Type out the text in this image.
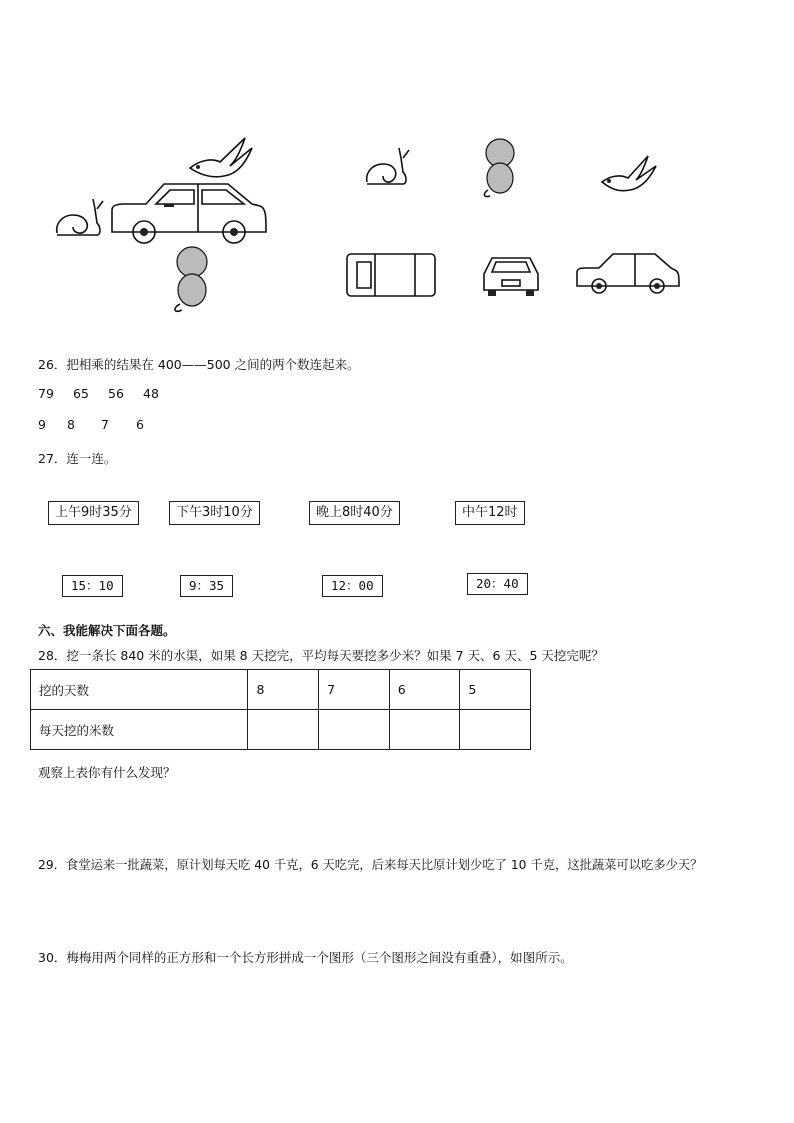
26．把相乘的结果在 400——500 之间的两个数连起来。
79 65 56 48
9 8 7 6
27．连一连。
上午9时35分	下午3时10分	晚上8时40分	中午12时
15：10	9：35	12：00	20：40
六、我能解决下面各题。
28．挖一条长 840 米的水渠，如果 8 天挖完，平均每天要挖多少米？如果 7 天、6 天、5 天挖完呢？
挖的天数	8	7	6	5
每天挖的米数				
观察上表你有什么发现？
29．食堂运来一批蔬菜，原计划每天吃 40 千克，6 天吃完，后来每天比原计划少吃了 10 千克，这批蔬菜可以吃多少天？
30．梅梅用两个同样的正方形和一个长方形拼成一个图形（三个图形之间没有重叠），如图所示。
